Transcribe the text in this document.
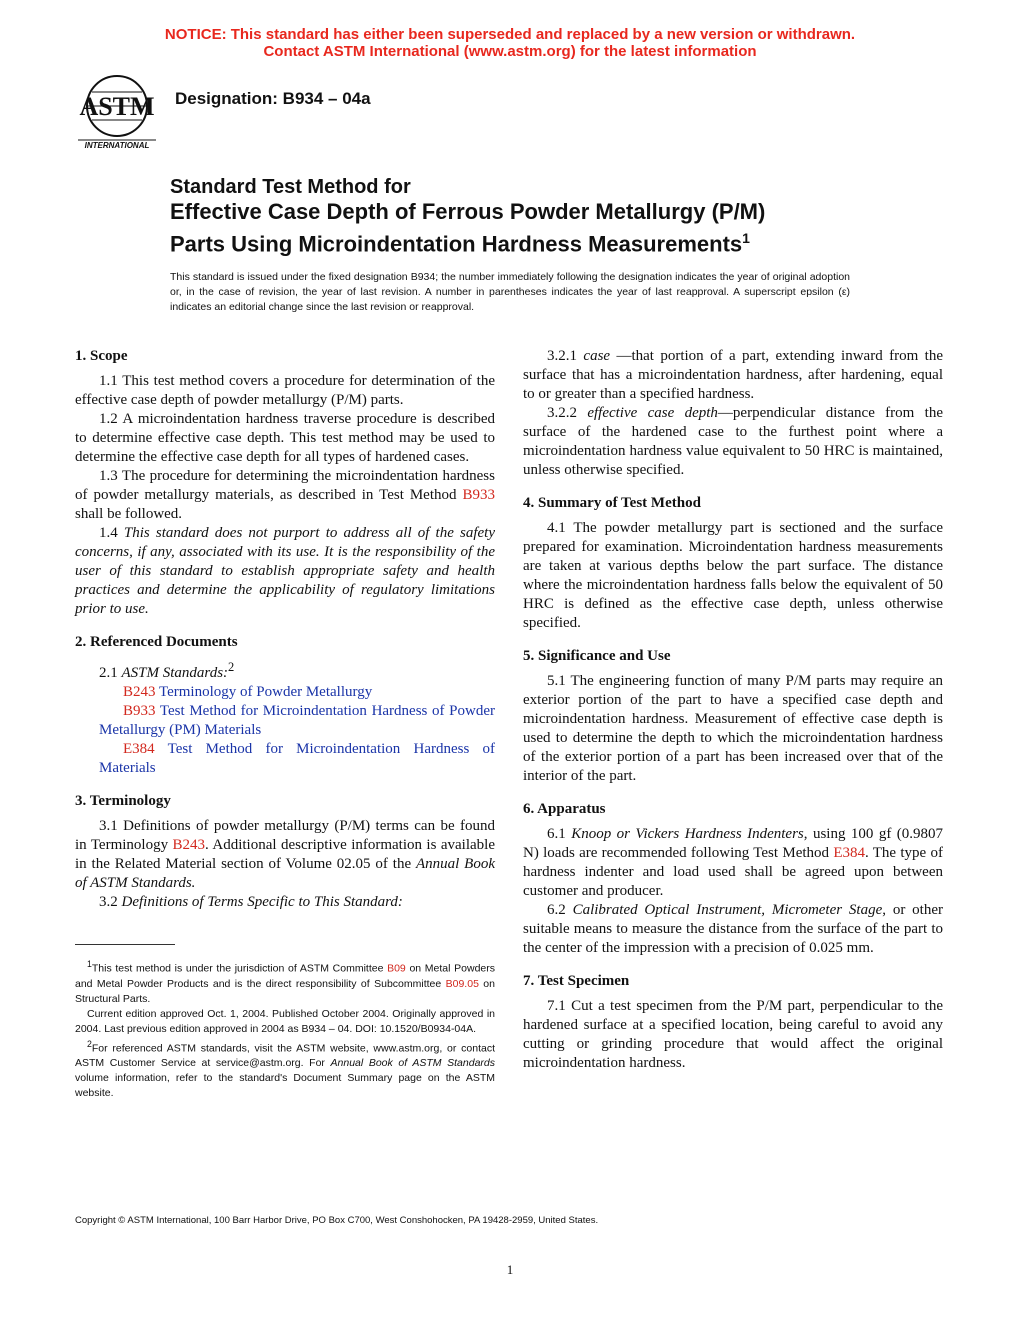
NOTICE: This standard has either been superseded and replaced by a new version or withdrawn.
Contact ASTM International (www.astm.org) for the latest information
ASTM
INTERNATIONAL
Designation: B934 – 04a
Standard Test Method for
Effective Case Depth of Ferrous Powder Metallurgy (P/M)
Parts Using Microindentation Hardness Measurements$^1$
This standard is issued under the fixed designation B934; the number immediately following the designation indicates the year of original adoption or, in the case of revision, the year of last revision. A number in parentheses indicates the year of last reapproval. A superscript epsilon (ε) indicates an editorial change since the last revision or reapproval.
1. Scope

1.1 This test method covers a procedure for determination of the effective case depth of powder metallurgy (P/M) parts.

1.2 A microindentation hardness traverse procedure is described to determine effective case depth. This test method may be used to determine the effective case depth for all types of hardened cases.

1.3 The procedure for determining the microindentation hardness of powder metallurgy materials, as described in Test Method B933 shall be followed.

1.4 This standard does not purport to address all of the safety concerns, if any, associated with its use. It is the responsibility of the user of this standard to establish appropriate safety and health practices and determine the applicability of regulatory limitations prior to use.

2. Referenced Documents

2.1 ASTM Standards:$^2$

B243 Terminology of Powder Metallurgy

B933 Test Method for Microindentation Hardness of Powder Metallurgy (PM) Materials

E384 Test Method for Microindentation Hardness of Materials

3. Terminology

3.1 Definitions of powder metallurgy (P/M) terms can be found in Terminology B243. Additional descriptive information is available in the Related Material section of Volume 02.05 of the Annual Book of ASTM Standards.

3.2 Definitions of Terms Specific to This Standard:

3.2.1 case —that portion of a part, extending inward from the surface that has a microindentation hardness, after hardening, equal to or greater than a specified hardness.

3.2.2 effective case depth—perpendicular distance from the surface of the hardened case to the furthest point where a microindentation hardness value equivalent to 50 HRC is maintained, unless otherwise specified.

4. Summary of Test Method

4.1 The powder metallurgy part is sectioned and the surface prepared for examination. Microindentation hardness measurements are taken at various depths below the part surface. The distance where the microindentation hardness falls below the equivalent of 50 HRC is defined as the effective case depth, unless otherwise specified.

5. Significance and Use

5.1 The engineering function of many P/M parts may require an exterior portion of the part to have a specified case depth and microindentation hardness. Measurement of effective case depth is used to determine the depth to which the microindentation hardness of the exterior portion of a part has been increased over that of the interior of the part.

6. Apparatus

6.1 Knoop or Vickers Hardness Indenters, using 100 gf (0.9807 N) loads are recommended following Test Method E384. The type of hardness indenter and load used shall be agreed upon between customer and producer.

6.2 Calibrated Optical Instrument, Micrometer Stage, or other suitable means to measure the distance from the surface of the part to the center of the impression with a precision of 0.025 mm.

7. Test Specimen

7.1 Cut a test specimen from the P/M part, perpendicular to the hardened surface at a specified location, being careful to avoid any cutting or grinding procedure that would affect the original microindentation hardness.

$^1$This test method is under the jurisdiction of ASTM Committee B09 on Metal Powders and Metal Powder Products and is the direct responsibility of Subcommittee B09.05 on Structural Parts.

Current edition approved Oct. 1, 2004. Published October 2004. Originally approved in 2004. Last previous edition approved in 2004 as B934 – 04. DOI: 10.1520/B0934-04A.

$^2$For referenced ASTM standards, visit the ASTM website, www.astm.org, or contact ASTM Customer Service at service@astm.org. For Annual Book of ASTM Standards volume information, refer to the standard's Document Summary page on the ASTM website.

Copyright © ASTM International, 100 Barr Harbor Drive, PO Box C700, West Conshohocken, PA 19428-2959, United States.
1
